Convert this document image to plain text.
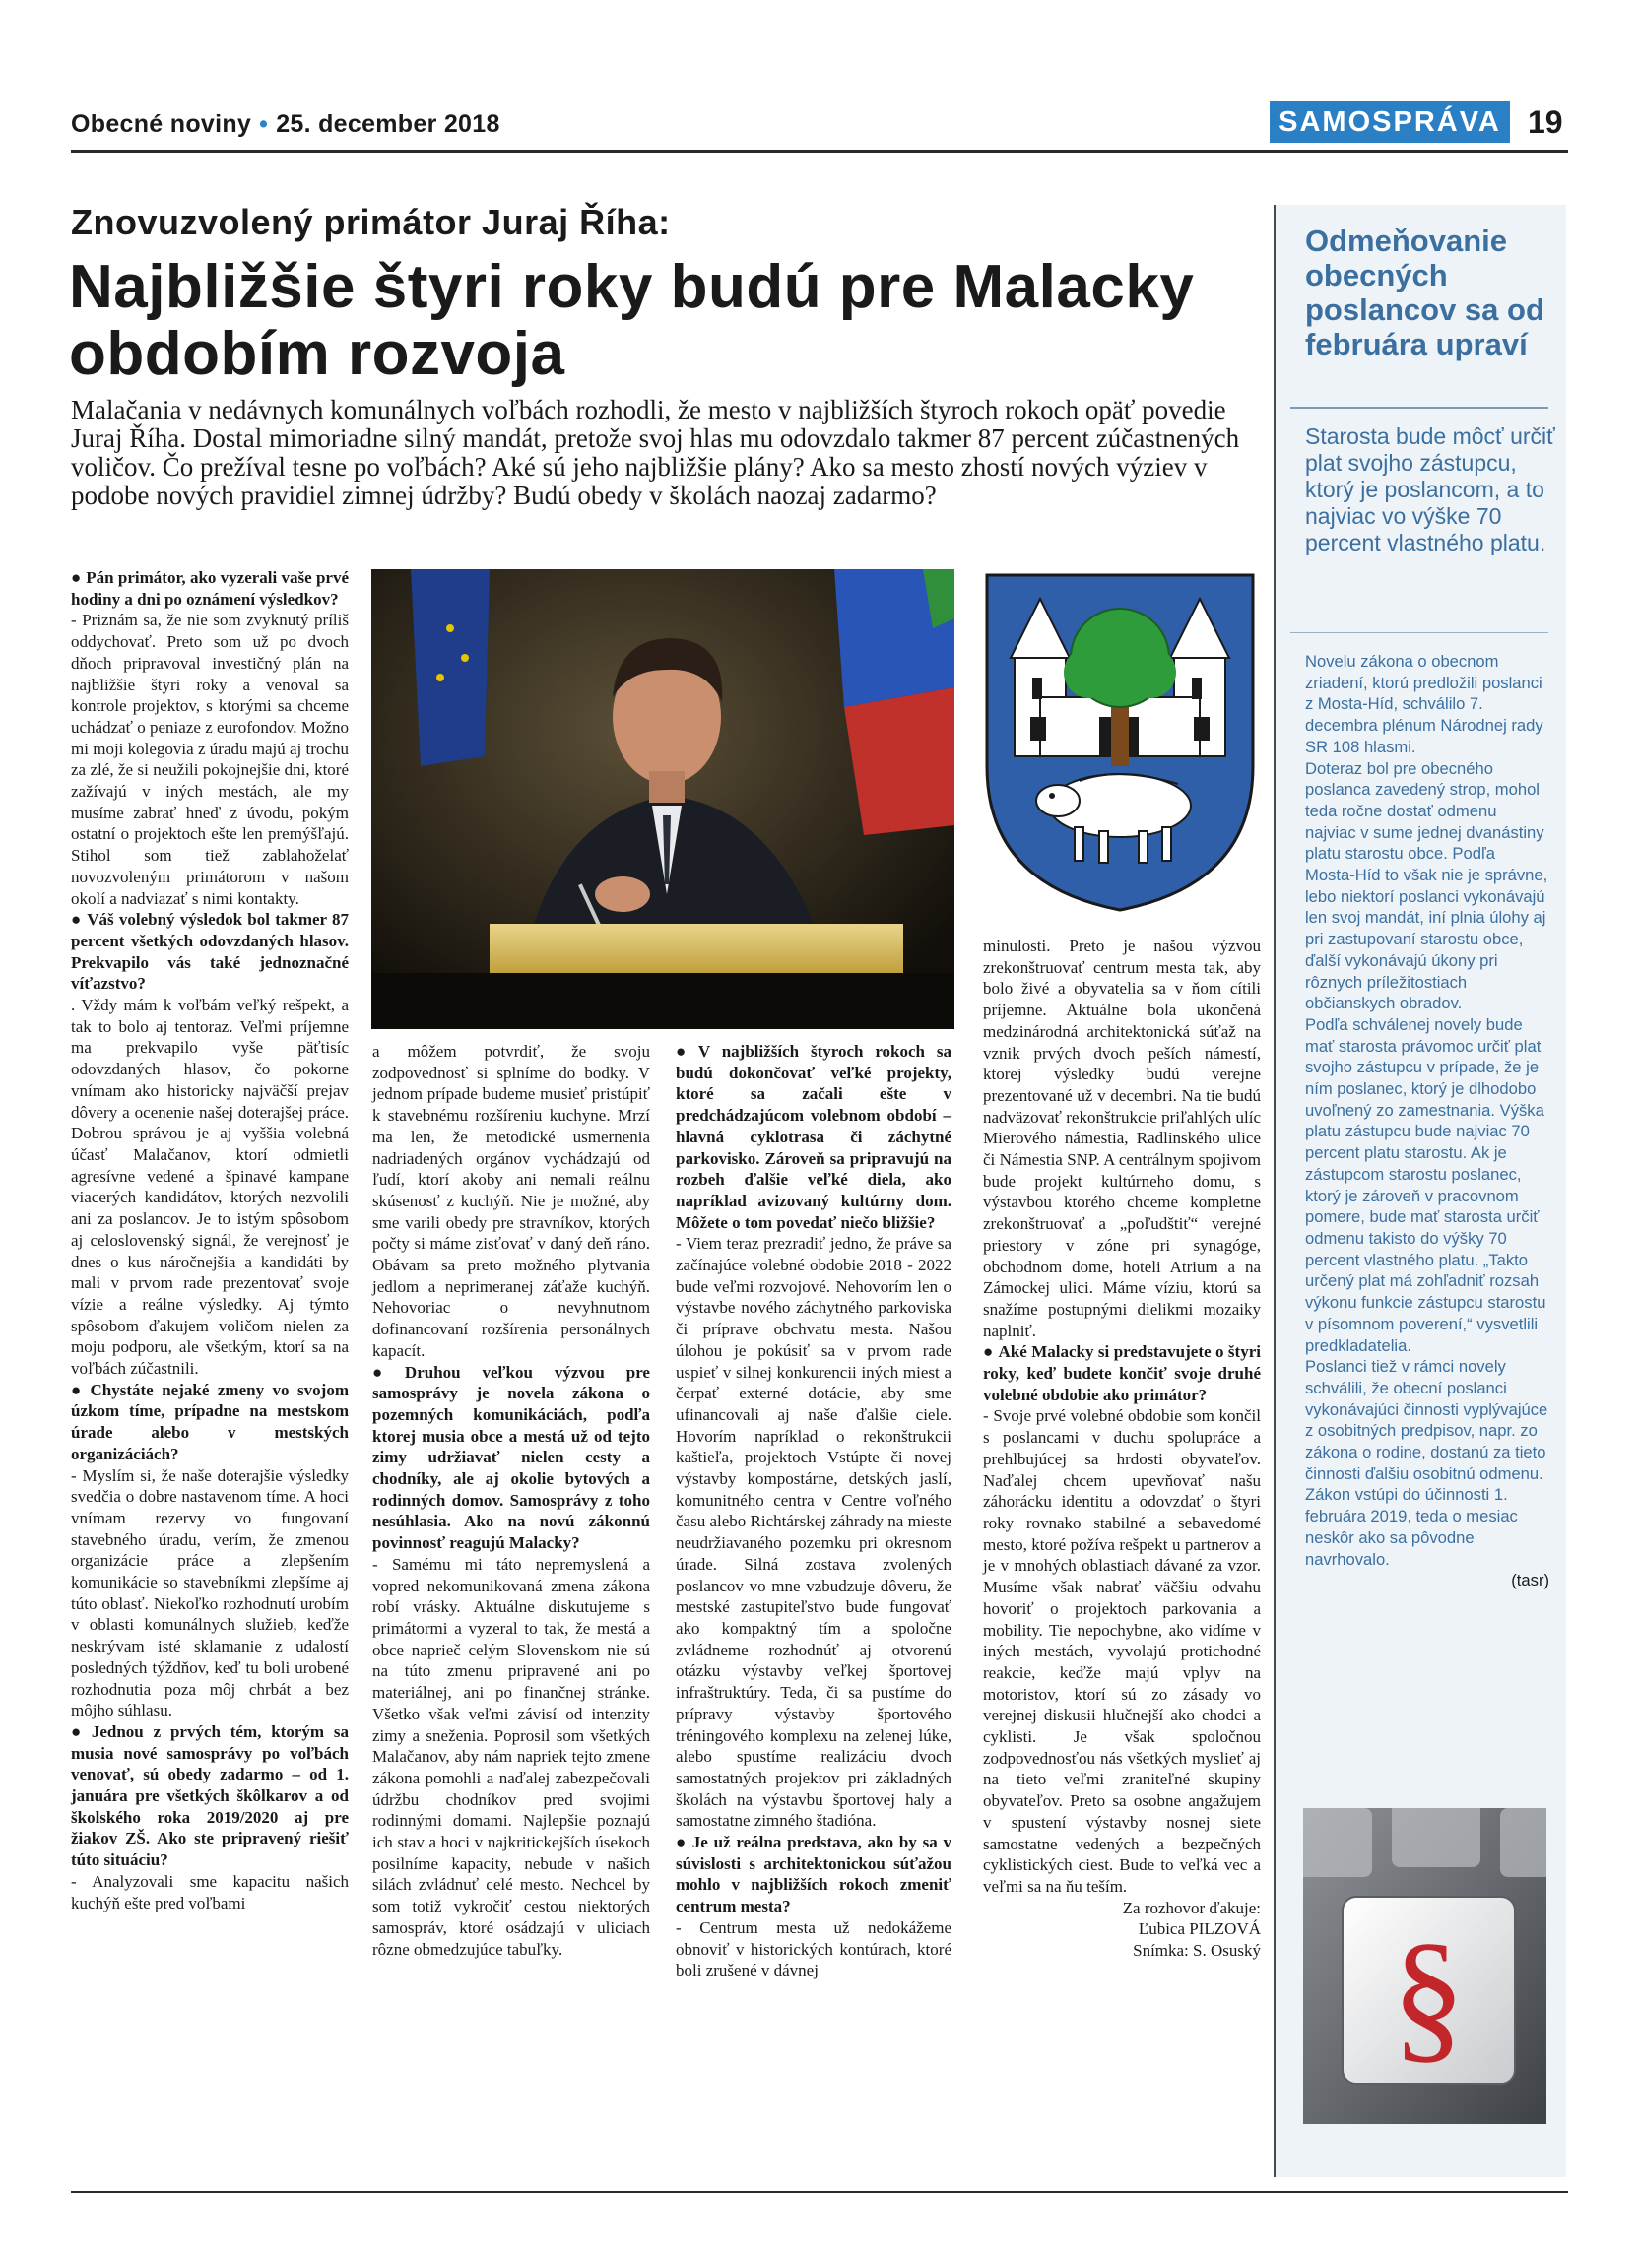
Obecné noviny • 25. december 2018	SAMOSPRÁVA 19
Znovuzvolený primátor Juraj Říha:
Najbližšie štyri roky budú pre Malacky obdobím rozvoja
Malačania v nedávnych komunálnych voľbách rozhodli, že mesto v najbližších štyroch rokoch opäť povedie Juraj Říha. Dostal mimoriadne silný mandát, pretože svoj hlas mu odovzdalo takmer 87 percent zúčastnených voličov. Čo prežíval tesne po voľbách? Aké sú jeho najbližšie plány? Ako sa mesto zhostí nových výziev v podobe nových pravidiel zimnej údržby? Budú obedy v školách naozaj zadarmo?

● Pán primátor, ako vyzerali vaše prvé hodiny a dni po oznámení výsledkov?

- Priznám sa, že nie som zvyknutý príliš oddychovať. Preto som už po dvoch dňoch pripravoval investičný plán na najbližšie štyri roky a venoval sa kontrole projektov, s ktorými sa chceme uchádzať o peniaze z eurofondov. Možno mi moji kolegovia z úradu majú aj trochu za zlé, že si neužili pokojnejšie dni, ktoré zažívajú v iných mestách, ale my musíme zabrať hneď z úvodu, pokým ostatní o projektoch ešte len premýšľajú. Stihol som tiež zablahoželať novozvoleným primátorom v našom okolí a nadviazať s nimi kontakty.

● Váš volebný výsledok bol takmer 87 percent všetkých odovzdaných hlasov. Prekvapilo vás také jednoznačné víťazstvo?

. Vždy mám k voľbám veľký rešpekt, a tak to bolo aj tentoraz. Veľmi príjemne ma prekvapilo vyše päťtisíc odovzdaných hlasov, čo pokorne vnímam ako historicky najväčší prejav dôvery a ocenenie našej doterajšej práce. Dobrou správou je aj vyššia volebná účasť Malačanov, ktorí odmietli agresívne vedené a špinavé kampane viacerých kandidátov, ktorých nezvolili ani za poslancov. Je to istým spôsobom aj celoslovenský signál, že verejnosť je dnes o kus náročnejšia a kandidáti by mali v prvom rade prezentovať svoje vízie a reálne výsledky. Aj týmto spôsobom ďakujem voličom nielen za moju podporu, ale všetkým, ktorí sa na voľbách zúčastnili.

● Chystáte nejaké zmeny vo svojom úzkom tíme, prípadne na mestskom úrade alebo v mestských organizáciách?

- Myslím si, že naše doterajšie výsledky svedčia o dobre nastavenom tíme. A hoci vnímam rezervy vo fungovaní stavebného úradu, verím, že zmenou organizácie práce a zlepšením komunikácie so stavebníkmi zlepšíme aj túto oblasť. Niekoľko rozhodnutí urobím v oblasti komunálnych služieb, keďže neskrývam isté sklamanie z udalostí posledných týždňov, keď tu boli urobené rozhodnutia poza môj chrbát a bez môjho súhlasu.

● Jednou z prvých tém, ktorým sa musia nové samosprávy po voľbách venovať, sú obedy zadarmo – od 1. januára pre všetkých škôlkarov a od školského roka 2019/2020 aj pre žiakov ZŠ. Ako ste pripravený riešiť túto situáciu?

- Analyzovali sme kapacitu našich kuchýň ešte pred voľbami

a môžem potvrdiť, že svoju zodpovednosť si splníme do bodky. V jednom prípade budeme musieť pristúpiť k stavebnému rozšíreniu kuchyne. Mrzí ma len, že metodické usmernenia nadriadených orgánov vychádzajú od ľudí, ktorí akoby ani nemali reálnu skúsenosť z kuchýň. Nie je možné, aby sme varili obedy pre stravníkov, ktorých počty si máme zisťovať v daný deň ráno. Obávam sa preto možného plytvania jedlom a neprimeranej záťaže kuchýň. Nehovoriac o nevyhnutnom dofinancovaní rozšírenia personálnych kapacít.

● Druhou veľkou výzvou pre samosprávy je novela zákona o pozemných komunikáciách, podľa ktorej musia obce a mestá už od tejto zimy udržiavať nielen cesty a chodníky, ale aj okolie bytových a rodinných domov. Samosprávy z toho nesúhlasia. Ako na novú zákonnú povinnosť reagujú Malacky?

- Samému mi táto nepremyslená a vopred nekomunikovaná zmena zákona robí vrásky. Aktuálne diskutujeme s primátormi a vyzeral to tak, že mestá a obce naprieč celým Slovenskom nie sú na túto zmenu pripravené ani po materiálnej, ani po finančnej stránke. Všetko však veľmi závisí od intenzity zimy a sneženia. Poprosil som všetkých Malačanov, aby nám napriek tejto zmene zákona pomohli a naďalej zabezpečovali údržbu chodníkov pred svojimi rodinnými domami. Najlepšie poznajú ich stav a hoci v najkritickejších úsekoch posilníme kapacity, nebude v našich silách zvládnuť celé mesto. Nechcel by som totiž vykročiť cestou niektorých samospráv, ktoré osádzajú v uliciach rôzne obmedzujúce tabuľky.

● V najbližších štyroch rokoch sa budú dokončovať veľké projekty, ktoré sa začali ešte v predchádzajúcom volebnom období – hlavná cyklotrasa či záchytné parkovisko. Zároveň sa pripravujú na rozbeh ďalšie veľké diela, ako napríklad avizovaný kultúrny dom. Môžete o tom povedať niečo bližšie?

- Viem teraz prezradiť jedno, že práve sa začínajúce volebné obdobie 2018 - 2022 bude veľmi rozvojové. Nehovorím len o výstavbe nového záchytného parkoviska či príprave obchvatu mesta. Našou úlohou je pokúsiť sa v prvom rade uspieť v silnej konkurencii iných miest a čerpať externé dotácie, aby sme ufinancovali aj naše ďalšie ciele. Hovorím napríklad o rekonštrukcii kaštieľa, projektoch Vstúpte či novej výstavby kompostárne, detských jaslí, komunitného centra v Centre voľného času alebo Richtárskej záhrady na mieste neudržiavaného pozemku pri okresnom úrade. Silná zostava zvolených poslancov vo mne vzbudzuje dôveru, že mestské zastupiteľstvo bude fungovať ako kompaktný tím a spoločne zvládneme rozhodnúť aj otvorenú otázku výstavby veľkej športovej infraštruktúry. Teda, či sa pustíme do prípravy výstavby športového tréningového komplexu na zelenej lúke, alebo spustíme realizáciu dvoch samostatných projektov pri základných školách na výstavbu športovej haly a samostatne zimného štadióna.

● Je už reálna predstava, ako by sa v súvislosti s architektonickou súťažou mohlo v najbližších rokoch zmeniť centrum mesta?

- Centrum mesta už nedokážeme obnoviť v historických kontúrach, ktoré boli zrušené v dávnej

minulosti. Preto je našou výzvou zrekonštruovať centrum mesta tak, aby bolo živé a obyvatelia sa v ňom cítili príjemne. Aktuálne bola ukončená medzinárodná architektonická súťaž na vznik prvých dvoch peších námestí, ktorej výsledky budú verejne prezentované už v decembri. Na tie budú nadväzovať rekonštrukcie priľahlých ulíc Mierového námestia, Radlinského ulice či Námestia SNP. A centrálnym spojivom bude projekt kultúrneho domu, s výstavbou ktorého chceme kompletne zrekonštruovať a „poľudštiť“ verejné priestory v zóne pri synagóge, obchodnom dome, hoteli Atrium a na Zámockej ulici. Máme víziu, ktorú sa snažíme postupnými dielikmi mozaiky naplniť.

● Aké Malacky si predstavujete o štyri roky, keď budete končiť svoje druhé volebné obdobie ako primátor?

- Svoje prvé volebné obdobie som končil s poslancami v duchu spolupráce a prehlbujúcej sa hrdosti obyvateľov. Naďalej chcem upevňovať našu záhorácku identitu a odovzdať o štyri roky rovnako stabilné a sebavedomé mesto, ktoré požíva rešpekt u partnerov a je v mnohých oblastiach dávané za vzor. Musíme však nabrať väčšiu odvahu hovoriť o projektoch parkovania a mobility. Tie nepochybne, ako vidíme v iných mestách, vyvolajú protichodné reakcie, keďže majú vplyv na motoristov, ktorí sú zo zásady vo verejnej diskusii hlučnejší ako chodci a cyklisti. Je však spoločnou zodpovednosťou nás všetkých myslieť aj na tieto veľmi zraniteľné skupiny obyvateľov. Preto sa osobne angažujem v spustení výstavby nosnej siete samostatne vedených a bezpečných cyklistických ciest. Bude to veľká vec a veľmi sa na ňu teším.

Za rozhovor ďakuje:

Ľubica PILZOVÁ

Snímka: S. Osuský

Odmeňovanie obecných poslancov sa od februára upraví
Starosta bude môcť určiť plat svojho zástupcu, ktorý je poslancom, a to najviac vo výške 70 percent vlastného platu.

Novelu zákona o obecnom zriadení, ktorú predložili poslanci z Mosta-Híd, schválilo 7. decembra plénum Národnej rady SR 108 hlasmi.

Doteraz bol pre obecného poslanca zavedený strop, mohol teda ročne dostať odmenu najviac v sume jednej dvanástiny platu starostu obce. Podľa Mosta-Híd to však nie je správne, lebo niektorí poslanci vykonávajú len svoj mandát, iní plnia úlohy aj pri zastupovaní starostu obce, ďalší vykonávajú úkony pri rôznych príležitostiach občianskych obradov.

Podľa schválenej novely bude mať starosta právomoc určiť plat svojho zástupcu v prípade, že je ním poslanec, ktorý je dlhodobo uvoľnený zo zamestnania. Výška platu zástupcu bude najviac 70 percent platu starostu. Ak je zástupcom starostu poslanec, ktorý je zároveň v pracovnom pomere, bude mať starosta určiť odmenu takisto do výšky 70 percent vlastného platu. „Takto určený plat má zohľadniť rozsah výkonu funkcie zástupcu starostu v písomnom poverení,“ vysvetlili predkladatelia.

Poslanci tiež v rámci novely schválili, že obecní poslanci vykonávajúci činnosti vyplývajúce z osobitných predpisov, napr. zo zákona o rodine, dostanú za tieto činnosti ďalšiu osobitnú odmenu. Zákon vstúpi do účinnosti 1. februára 2019, teda o mesiac neskôr ako sa pôvodne navrhovalo.

(tasr)

§
